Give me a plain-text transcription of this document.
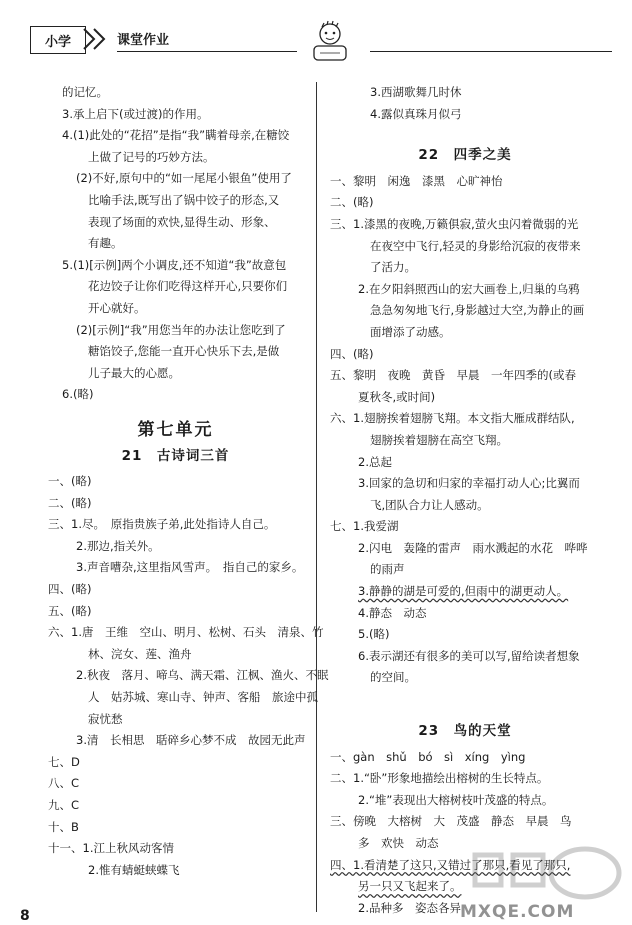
小学	课堂作业
的记忆。
3.承上启下(或过渡)的作用。
4.(1)此处的“花招”是指“我”瞒着母亲,在糖饺
上做了记号的巧妙方法。
(2)不好,原句中的“如一尾尾小银鱼”使用了
比喻手法,既写出了锅中饺子的形态,又
表现了场面的欢快,显得生动、形象、
有趣。
5.(1)[示例]两个小调皮,还不知道“我”故意包
花边饺子让你们吃得这样开心,只要你们
开心就好。
(2)[示例]“我”用您当年的办法让您吃到了
糖馅饺子,您能一直开心快乐下去,是做
儿子最大的心愿。
6.(略)
第七单元
21　古诗词三首
一、(略)
二、(略)
三、1.尽。　原指贵族子弟,此处指诗人自己。
2.那边,指关外。
3.声音嘈杂,这里指风雪声。　指自己的家乡。
四、(略)
五、(略)
六、1.唐　王维　空山、明月、松树、石头　清泉、竹
林、浣女、莲、渔舟
2.秋夜　落月、啼乌、满天霜、江枫、渔火、不眠
人　姑苏城、寒山寺、钟声、客船　旅途中孤
寂忧愁
3.清　长相思　聒碎乡心梦不成　故园无此声
七、D
八、C
九、C
十、B
十一、1.江上秋风动客情
2.惟有蜻蜓蛱蝶飞
3.西湖歌舞几时休
4.露似真珠月似弓
22　四季之美
一、黎明　闲逸　漆黑　心旷神怡
二、(略)
三、1.漆黑的夜晚,万籁俱寂,萤火虫闪着微弱的光
在夜空中飞行,轻灵的身影给沉寂的夜带来
了活力。
2.在夕阳斜照西山的宏大画卷上,归巢的乌鸦
急急匆匆地飞行,身影越过大空,为静止的画
面增添了动感。
四、(略)
五、黎明　夜晚　黄昏　早晨　一年四季的(或春
夏秋冬,或时间)
六、1.翅膀挨着翅膀飞翔。本文指大雁成群结队,
翅膀挨着翅膀在高空飞翔。
2.总起
3.回家的急切和归家的幸福打动人心;比翼而
飞,团队合力让人感动。
七、1.我爱湖
2.闪电　轰隆的雷声　雨水溅起的水花　哗哗
的雨声
3.静静的湖是可爱的,但雨中的湖更动人。
4.静态　动态
5.(略)
6.表示湖还有很多的美可以写,留给读者想象
的空间。
23　鸟的天堂
一、gàn　shǔ　bó　sì　xíng　yìng
二、1.“卧”形象地描绘出榕树的生长特点。
2.“堆”表现出大榕树枝叶茂盛的特点。
三、傍晚　大榕树　大　茂盛　静态　早晨　鸟
多　欢快　动态
四、1.看清楚了这只,又错过了那只,看见了那只,
另一只又飞起来了。
2.品种多　姿态各异
8	MXQE.COM
